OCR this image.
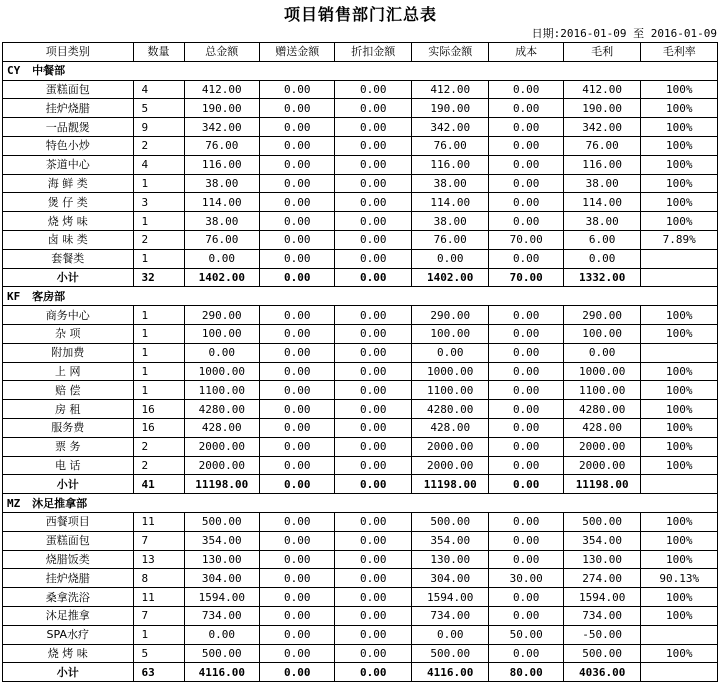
项目销售部门汇总表
日期:2016-01-09 至 2016-01-09
项目类别	数量	总金额	赠送金额	折扣金额	实际金额	成本	毛利	毛利率
CY 中餐部								
蛋糕面包	4	412.00	0.00	0.00	412.00	0.00	412.00	100%
挂炉烧腊	5	190.00	0.00	0.00	190.00	0.00	190.00	100%
一品靓煲	9	342.00	0.00	0.00	342.00	0.00	342.00	100%
特色小炒	2	76.00	0.00	0.00	76.00	0.00	76.00	100%
茶道中心	4	116.00	0.00	0.00	116.00	0.00	116.00	100%
海 鲜 类	1	38.00	0.00	0.00	38.00	0.00	38.00	100%
煲 仔 类	3	114.00	0.00	0.00	114.00	0.00	114.00	100%
烧 烤 味	1	38.00	0.00	0.00	38.00	0.00	38.00	100%
卤 味 类	2	76.00	0.00	0.00	76.00	70.00	6.00	7.89%
套餐类	1	0.00	0.00	0.00	0.00	0.00	0.00	
小计	32	1402.00	0.00	0.00	1402.00	70.00	1332.00	
KF 客房部								
商务中心	1	290.00	0.00	0.00	290.00	0.00	290.00	100%
杂 项	1	100.00	0.00	0.00	100.00	0.00	100.00	100%
附加费	1	0.00	0.00	0.00	0.00	0.00	0.00	
上 网	1	1000.00	0.00	0.00	1000.00	0.00	1000.00	100%
赔 偿	1	1100.00	0.00	0.00	1100.00	0.00	1100.00	100%
房 租	16	4280.00	0.00	0.00	4280.00	0.00	4280.00	100%
服务费	16	428.00	0.00	0.00	428.00	0.00	428.00	100%
票 务	2	2000.00	0.00	0.00	2000.00	0.00	2000.00	100%
电 话	2	2000.00	0.00	0.00	2000.00	0.00	2000.00	100%
小计	41	11198.00	0.00	0.00	11198.00	0.00	11198.00	
MZ 沐足推拿部								
西餐项目	11	500.00	0.00	0.00	500.00	0.00	500.00	100%
蛋糕面包	7	354.00	0.00	0.00	354.00	0.00	354.00	100%
烧腊饭类	13	130.00	0.00	0.00	130.00	0.00	130.00	100%
挂炉烧腊	8	304.00	0.00	0.00	304.00	30.00	274.00	90.13%
桑拿洗浴	11	1594.00	0.00	0.00	1594.00	0.00	1594.00	100%
沐足推拿	7	734.00	0.00	0.00	734.00	0.00	734.00	100%
SPA水疗	1	0.00	0.00	0.00	0.00	50.00	-50.00	
烧 烤 味	5	500.00	0.00	0.00	500.00	0.00	500.00	100%
小计	63	4116.00	0.00	0.00	4116.00	80.00	4036.00	
